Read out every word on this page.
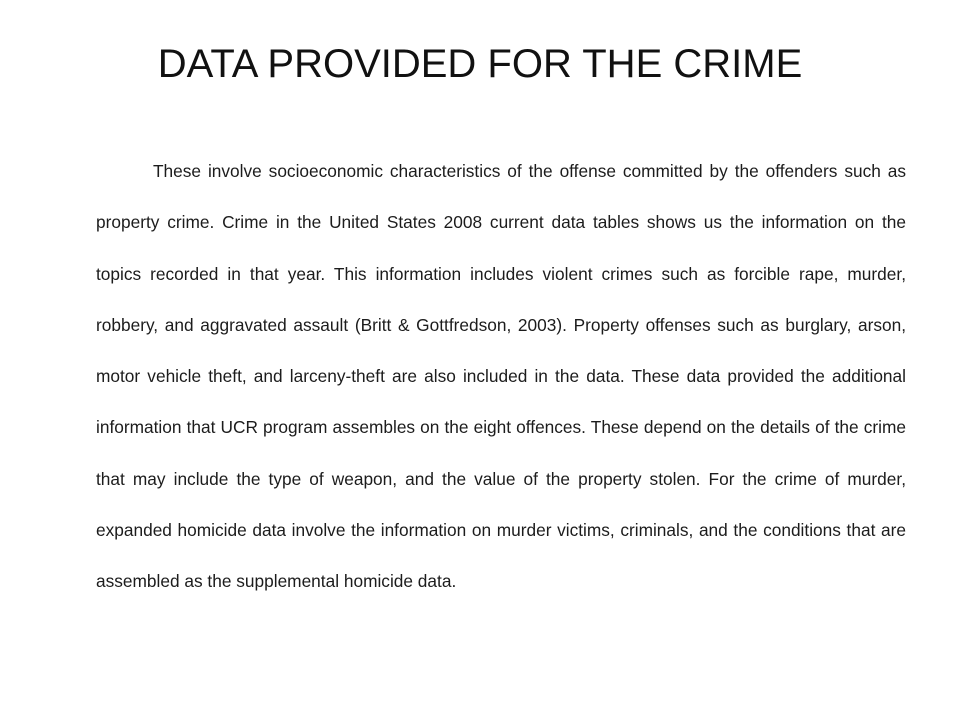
DATA PROVIDED FOR THE CRIME

These involve socioeconomic characteristics of the offense committed by the offenders such as property crime. Crime in the United States 2008 current data tables shows us the information on the topics recorded in that year. This information includes violent crimes such as forcible rape, murder, robbery, and aggravated assault (Britt & Gottfredson, 2003). Property offenses such as burglary, arson, motor vehicle theft, and larceny-theft are also included in the data. These data provided the additional information that UCR program assembles on the eight offences. These depend on the details of the crime that may include the type of weapon, and the value of the property stolen. For the crime of murder, expanded homicide data involve the information on murder victims, criminals, and the conditions that are assembled as the supplemental homicide data.
